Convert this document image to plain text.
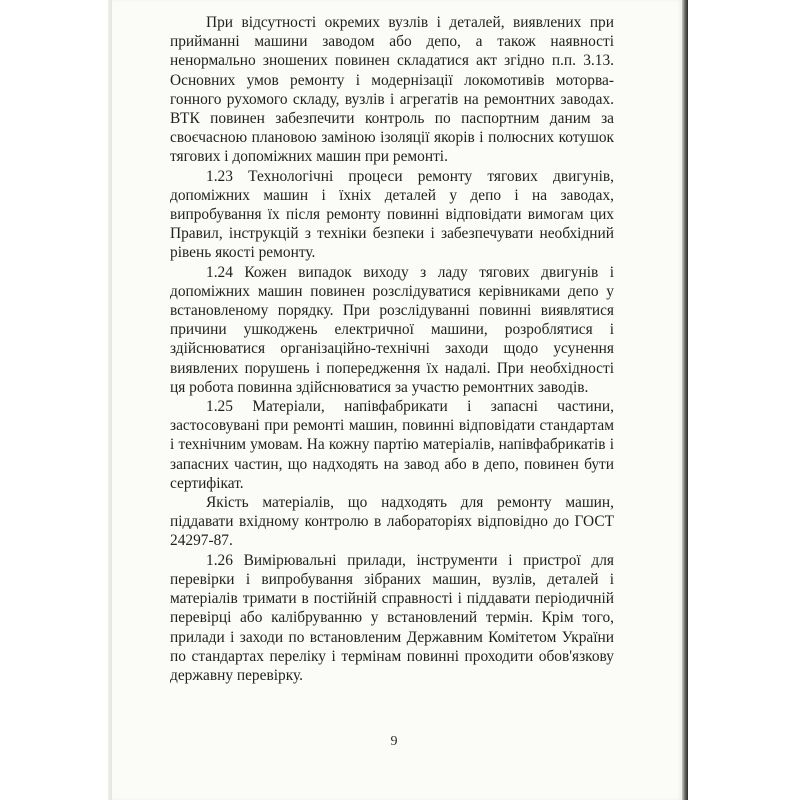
При відсутності окремих вузлів і деталей, виявлених при прийманні машини заводом або депо, а також наявності ненормально зношених повинен складатися акт згідно п.п. 3.13. Основних умов ремонту і модернізації локомотивів моторвагонного рухомого складу, вузлів і агрегатів на ремонтних заводах. ВТК повинен забезпечити контроль по паспортним даним за своєчасною плановою заміною ізоляції якорів і полюсних котушок тягових і допоміжних машин при ремонті.

1.23 Технологічні процеси ремонту тягових двигунів, допоміжних машин і їхніх деталей у депо і на заводах, випробування їх після ремонту повинні відповідати вимогам цих Правил, інструкцій з техніки безпеки і забезпечувати необхідний рівень якості ремонту.

1.24 Кожен випадок виходу з ладу тягових двигунів і допоміжних машин повинен розслідуватися керівниками депо у встановленому порядку. При розслідуванні повинні виявлятися причини ушкоджень електричної машини, розроблятися і здійснюватися організаційно-технічні заходи щодо усунення виявлених порушень і попередження їх надалі. При необхідності ця робота повинна здійснюватися за участю ремонтних заводів.

1.25 Матеріали, напівфабрикати і запасні частини, застосовувані при ремонті машин, повинні відповідати стандартам і технічним умовам. На кожну партію матеріалів, напівфабрикатів і запасних частин, що надходять на завод або в депо, повинен бути сертифікат.

Якість матеріалів, що надходять для ремонту машин, піддавати вхідному контролю в лабораторіях відповідно до ГОСТ 24297-87.

1.26 Вимірювальні прилади, інструменти і пристрої для перевірки і випробування зібраних машин, вузлів, деталей і матеріалів тримати в постійній справності і піддавати періодичній перевірці або калібруванню у встановлений термін. Крім того, прилади і заходи по встановленим Державним Комітетом України по стандартах переліку і термінам повинні проходити обов'язкову державну перевірку.

9
